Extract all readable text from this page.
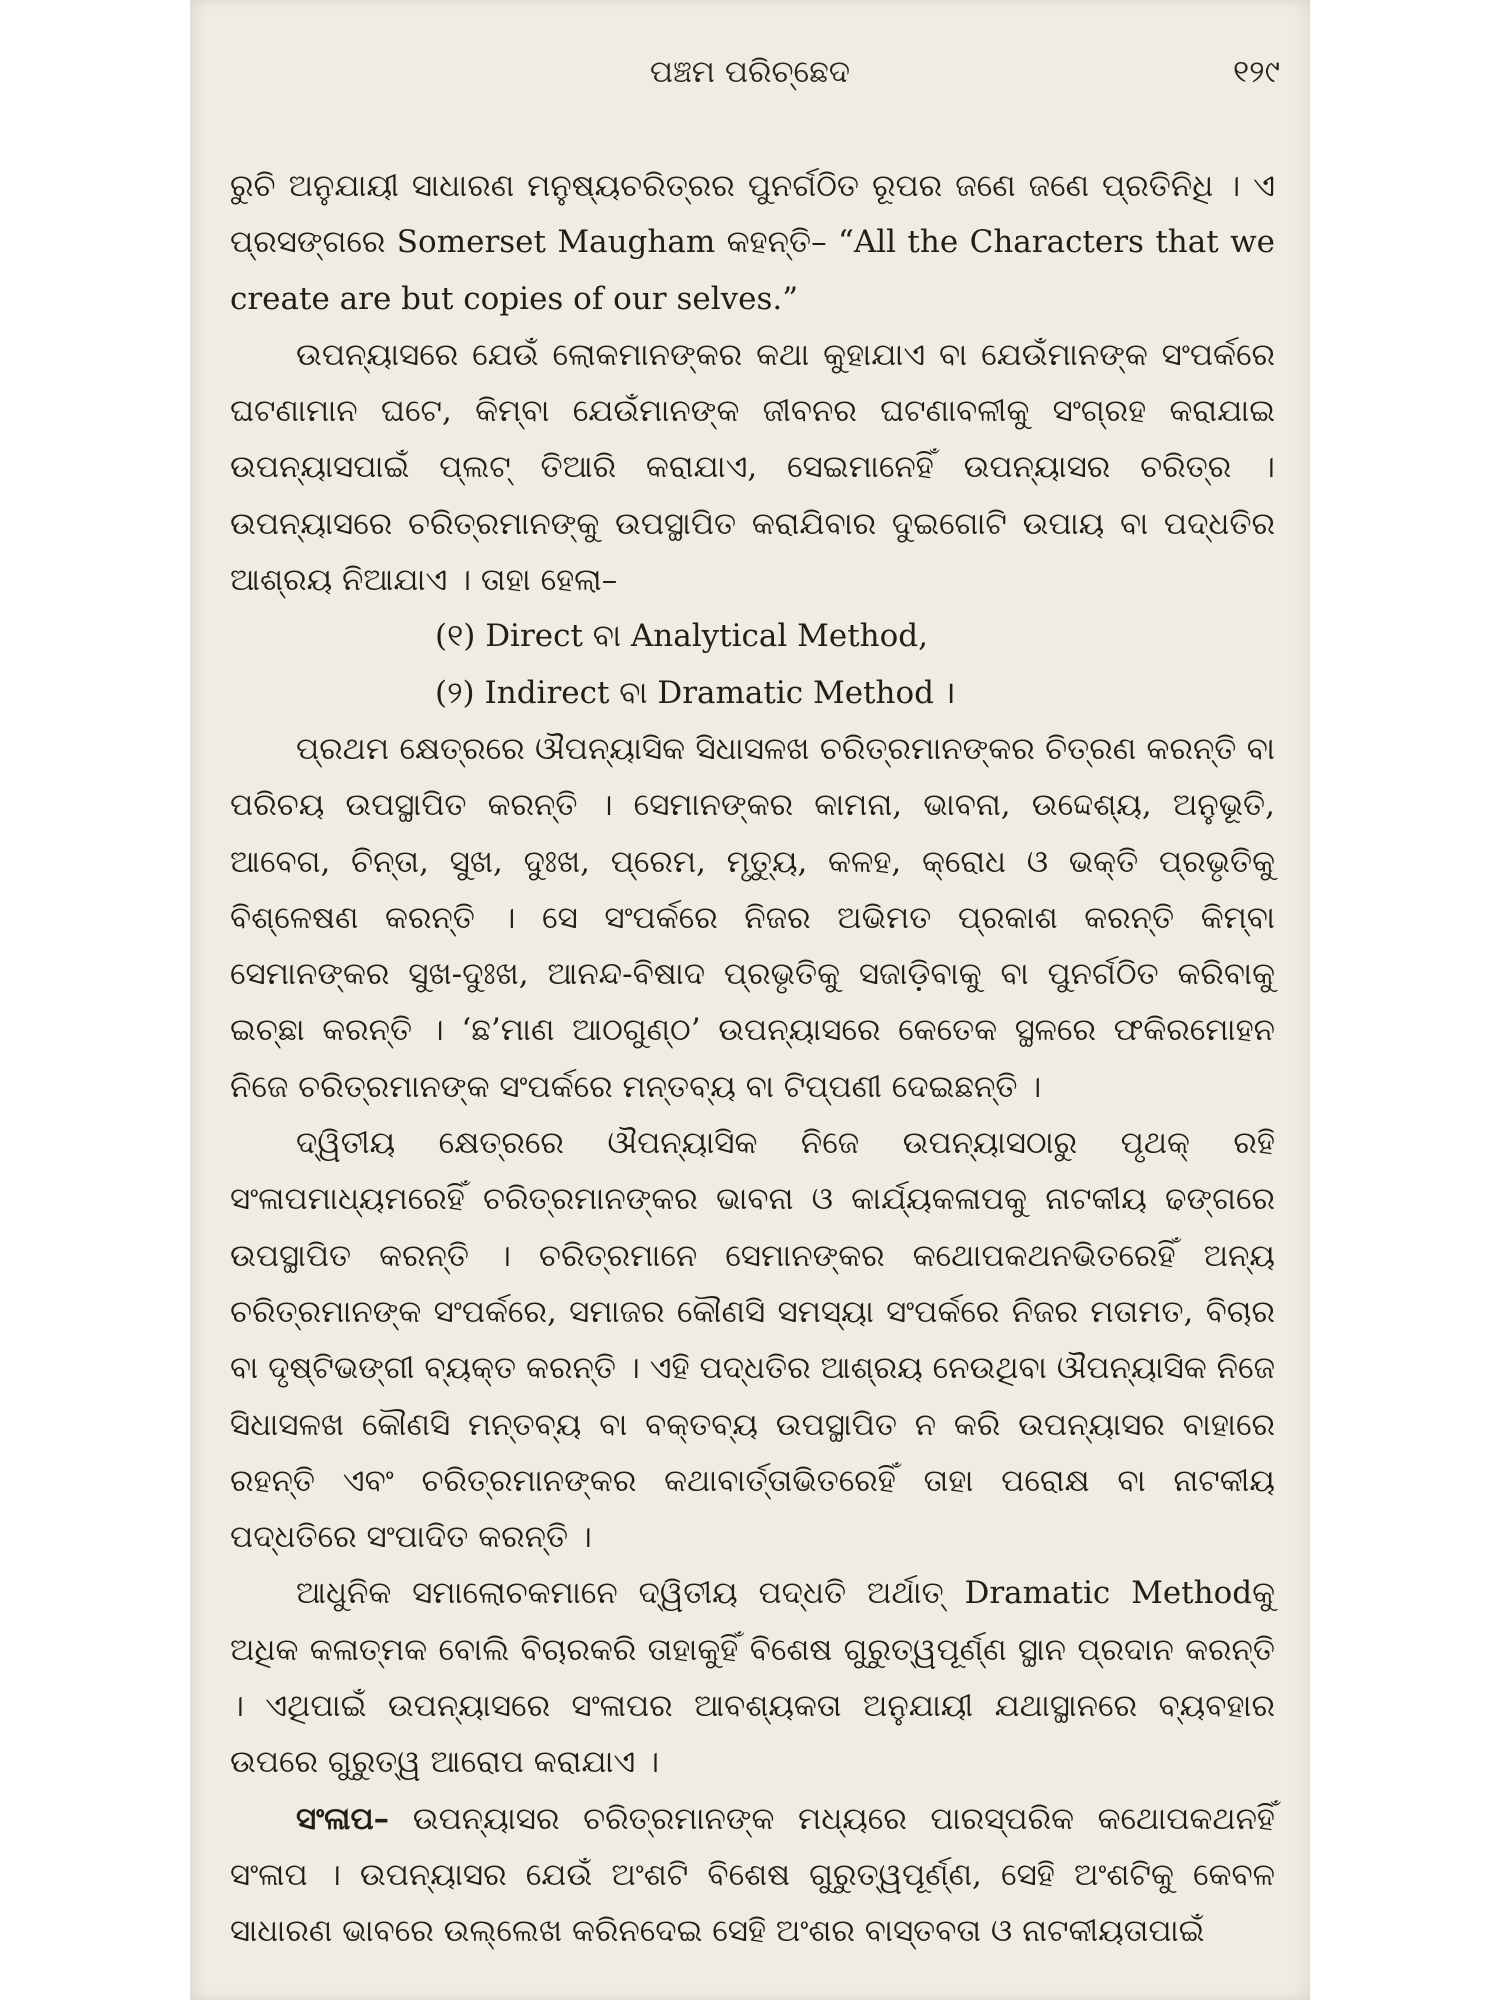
ପଞ୍ଚମ ପରିଚ୍ଛେଦ	୧୨୯

ରୁଚି ଅନୁଯାୟୀ ସାଧାରଣ ମନୁଷ୍ୟଚରିତ୍ରର ପୁନର୍ଗଠିତ ରୂପର ଜଣେ ଜଣେ ପ୍ରତିନିଧି । ଏ ପ୍ରସଙ୍ଗରେ Somerset Maugham କହନ୍ତି– “All the Characters that we create are but copies of our selves.”

ଉପନ୍ୟାସରେ ଯେଉଁ ଲୋକମାନଙ୍କର କଥା କୁହାଯାଏ ବା ଯେଉଁମାନଙ୍କ ସଂପର୍କରେ ଘଟଣାମାନ ଘଟେ, କିମ୍ବା ଯେଉଁମାନଙ୍କ ଜୀବନର ଘଟଣାବଳୀକୁ ସଂଗ୍ରହ କରାଯାଇ ଉପନ୍ୟାସପାଇଁ ପ୍ଲଟ୍ ତିଆରି କରାଯାଏ, ସେଇମାନେହିଁ ଉପନ୍ୟାସର ଚରିତ୍ର । ଉପନ୍ୟାସରେ ଚରିତ୍ରମାନଙ୍କୁ ଉପସ୍ଥାପିତ କରାଯିବାର ଦୁଇଗୋଟି ଉପାୟ ବା ପଦ୍ଧତିର ଆଶ୍ରୟ ନିଆଯାଏ । ତାହା ହେଲା–

(୧) Direct ବା Analytical Method,

(୨) Indirect ବା Dramatic Method ।

ପ୍ରଥମ କ୍ଷେତ୍ରରେ ଔପନ୍ୟାସିକ ସିଧାସଳଖ ଚରିତ୍ରମାନଙ୍କର ଚିତ୍ରଣ କରନ୍ତି ବା ପରିଚୟ ଉପସ୍ଥାପିତ କରନ୍ତି । ସେମାନଙ୍କର କାମନା, ଭାବନା, ଉଦ୍ଦେଶ୍ୟ, ଅନୁଭୂତି, ଆବେଗ, ଚିନ୍ତା, ସୁଖ, ଦୁଃଖ, ପ୍ରେମ, ମୃତ୍ୟୁ, କଳହ, କ୍ରୋଧ ଓ ଭକ୍ତି ପ୍ରଭୃତିକୁ ବିଶ୍ଳେଷଣ କରନ୍ତି । ସେ ସଂପର୍କରେ ନିଜର ଅଭିମତ ପ୍ରକାଶ କରନ୍ତି କିମ୍ବା ସେମାନଙ୍କର ସୁଖ-ଦୁଃଖ, ଆନନ୍ଦ-ବିଷାଦ ପ୍ରଭୃତିକୁ ସଜାଡ଼ିବାକୁ ବା ପୁନର୍ଗଠିତ କରିବାକୁ ଇଚ୍ଛା କରନ୍ତି । ‘ଛ’ମାଣ ଆଠଗୁଣ୍ଠ’ ଉପନ୍ୟାସରେ କେତେକ ସ୍ଥଳରେ ଫକିରମୋହନ ନିଜେ ଚରିତ୍ରମାନଙ୍କ ସଂପର୍କରେ ମନ୍ତବ୍ୟ ବା ଟିପ୍ପଣୀ ଦେଇଛନ୍ତି ।

ଦ୍ୱିତୀୟ କ୍ଷେତ୍ରରେ ଔପନ୍ୟାସିକ ନିଜେ ଉପନ୍ୟାସଠାରୁ ପୃଥକ୍ ରହି ସଂଳାପମାଧ୍ୟମରେହିଁ ଚରିତ୍ରମାନଙ୍କର ଭାବନା ଓ କାର୍ଯ୍ୟକଳାପକୁ ନାଟକୀୟ ଢଙ୍ଗରେ ଉପସ୍ଥାପିତ କରନ୍ତି । ଚରିତ୍ରମାନେ ସେମାନଙ୍କର କଥୋପକଥନଭିତରେହିଁ ଅନ୍ୟ ଚରିତ୍ରମାନଙ୍କ ସଂପର୍କରେ, ସମାଜର କୌଣସି ସମସ୍ୟା ସଂପର୍କରେ ନିଜର ମତାମତ, ବିଚାର ବା ଦୃଷ୍ଟିଭଙ୍ଗୀ ବ୍ୟକ୍ତ କରନ୍ତି । ଏହି ପଦ୍ଧତିର ଆଶ୍ରୟ ନେଉଥିବା ଔପନ୍ୟାସିକ ନିଜେ ସିଧାସଳଖ କୌଣସି ମନ୍ତବ୍ୟ ବା ବକ୍ତବ୍ୟ ଉପସ୍ଥାପିତ ନ କରି ଉପନ୍ୟାସର ବାହାରେ ରହନ୍ତି ଏବଂ ଚରିତ୍ରମାନଙ୍କର କଥାବାର୍ତ୍ତାଭିତରେହିଁ ତାହା ପରୋକ୍ଷ ବା ନାଟକୀୟ ପଦ୍ଧତିରେ ସଂପାଦିତ କରନ୍ତି ।

ଆଧୁନିକ ସମାଲୋଚକମାନେ ଦ୍ୱିତୀୟ ପଦ୍ଧତି ଅର୍ଥାତ୍ Dramatic Methodକୁ ଅଧିକ କଳାତ୍ମକ ବୋଲି ବିଚାରକରି ତାହାକୁହିଁ ବିଶେଷ ଗୁରୁତ୍ୱପୂର୍ଣ୍ଣ ସ୍ଥାନ ପ୍ରଦାନ କରନ୍ତି । ଏଥିପାଇଁ ଉପନ୍ୟାସରେ ସଂଳାପର ଆବଶ୍ୟକତା ଅନୁଯାୟୀ ଯଥାସ୍ଥାନରେ ବ୍ୟବହାର ଉପରେ ଗୁରୁତ୍ୱ ଆରୋପ କରାଯାଏ ।

ସଂଳାପ– ଉପନ୍ୟାସର ଚରିତ୍ରମାନଙ୍କ ମଧ୍ୟରେ ପାରସ୍ପରିକ କଥୋପକଥନହିଁ ସଂଳାପ । ଉପନ୍ୟାସର ଯେଉଁ ଅଂଶଟି ବିଶେଷ ଗୁରୁତ୍ୱପୂର୍ଣ୍ଣ, ସେହି ଅଂଶଟିକୁ କେବଳ ସାଧାରଣ ଭାବରେ ଉଲ୍ଲେଖ କରିନଦେଇ ସେହି ଅଂଶର ବାସ୍ତବତା ଓ ନାଟକୀୟତାପାଇଁ
